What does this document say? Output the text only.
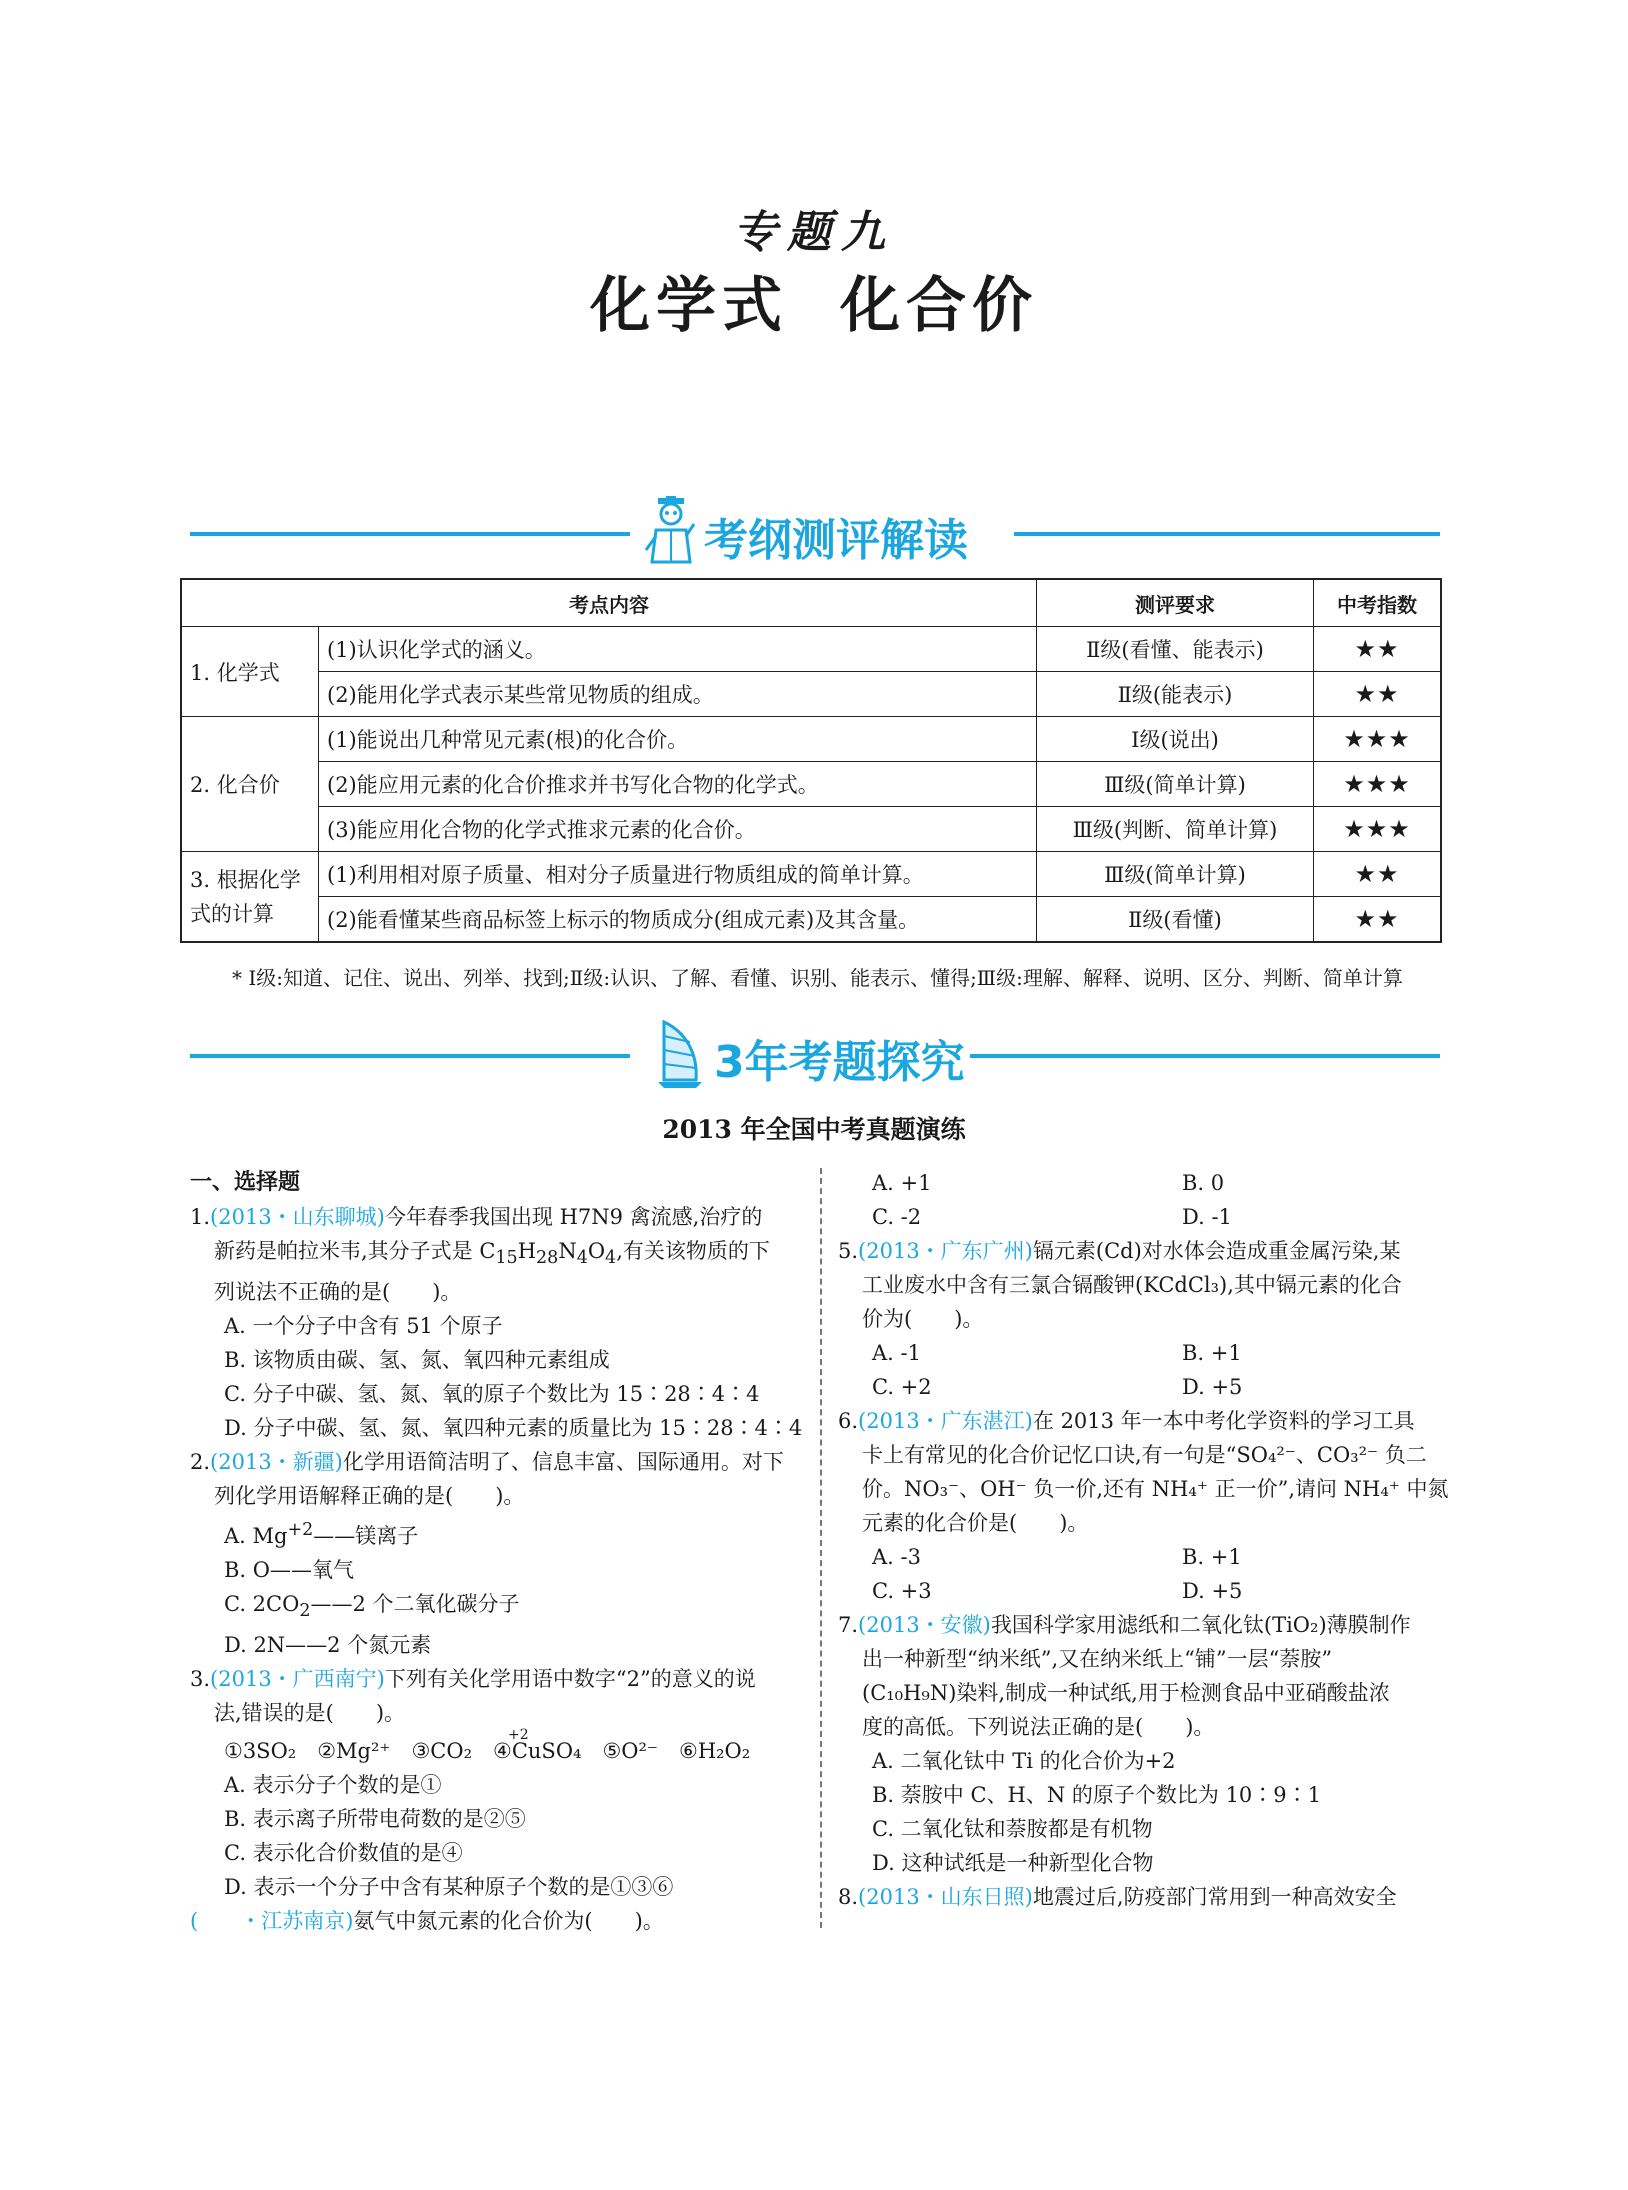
专题九
化学式 化合价
考纲测评解读
考点内容		测评要求	中考指数
1. 化学式	(1)认识化学式的涵义。	Ⅱ级(看懂、能表示)	★★
	(2)能用化学式表示某些常见物质的组成。	Ⅱ级(能表示)	★★
2. 化合价	(1)能说出几种常见元素(根)的化合价。	Ⅰ级(说出)	★★★
	(2)能应用元素的化合价推求并书写化合物的化学式。	Ⅲ级(简单计算)	★★★
	(3)能应用化合物的化学式推求元素的化合价。	Ⅲ级(判断、简单计算)	★★★

3. 根据化学
式的计算	(1)利用相对原子质量、相对分子质量进行物质组成的简单计算。	Ⅲ级(简单计算)	★★
	(2)能看懂某些商品标签上标示的物质成分(组成元素)及其含量。	Ⅱ级(看懂)	★★
* Ⅰ级:知道、记住、说出、列举、找到;Ⅱ级:认识、了解、看懂、识别、能表示、懂得;Ⅲ级:理解、解释、说明、区分、判断、简单计算
3年考题探究
2013 年全国中考真题演练
一、选择题
1.(2013・山东聊城)今年春季我国出现 H7N9 禽流感,治疗的
新药是帕拉米韦,其分子式是 $C_{15}H_{28}N_4O_4$,有关该物质的下
列说法不正确的是(　　)。
A. 一个分子中含有 51 个原子
B. 该物质由碳、氢、氮、氧四种元素组成
C. 分子中碳、氢、氮、氧的原子个数比为 15∶28∶4∶4
D. 分子中碳、氢、氮、氧四种元素的质量比为 15∶28∶4∶4
2.(2013・新疆)化学用语简洁明了、信息丰富、国际通用。对下
列化学用语解释正确的是(　　)。
A. $Mg^{+2}——$镁离子
B. O——氧气
C. $2CO_2——2$ 个二氧化碳分子
D. 2N——2 个氮元素
3.(2013・广西南宁)下列有关化学用语中数字“2”的意义的说
法,错误的是(　　)。
①3SO₂　②Mg²⁺　③CO₂　④CuSO₄　⑤O²⁻　⑥H₂O₂
+2
A. 表示分子个数的是①
B. 表示离子所带电荷数的是②⑤
C. 表示化合价数值的是④
D. 表示一个分子中含有某种原子个数的是①③⑥
(　　・江苏南京)氨气中氮元素的化合价为(　　)。
A. +1	B. 0
C. -2	D. -1
5.(2013・广东广州)镉元素(Cd)对水体会造成重金属污染,某
工业废水中含有三氯合镉酸钾(KCdCl₃),其中镉元素的化合
价为(　　)。
A. -1	B. +1
C. +2	D. +5
6.(2013・广东湛江)在 2013 年一本中考化学资料的学习工具
卡上有常见的化合价记忆口诀,有一句是“SO₄²⁻、CO₃²⁻ 负二
价。NO₃⁻、OH⁻ 负一价,还有 NH₄⁺ 正一价”,请问 NH₄⁺ 中氮
元素的化合价是(　　)。
A. -3	B. +1
C. +3	D. +5
7.(2013・安徽)我国科学家用滤纸和二氧化钛(TiO₂)薄膜制作
出一种新型“纳米纸”,又在纳米纸上“铺”一层“萘胺”
(C₁₀H₉N)染料,制成一种试纸,用于检测食品中亚硝酸盐浓
度的高低。下列说法正确的是(　　)。
A. 二氧化钛中 Ti 的化合价为+2
B. 萘胺中 C、H、N 的原子个数比为 10∶9∶1
C. 二氧化钛和萘胺都是有机物
D. 这种试纸是一种新型化合物
8.(2013・山东日照)地震过后,防疫部门常用到一种高效安全
